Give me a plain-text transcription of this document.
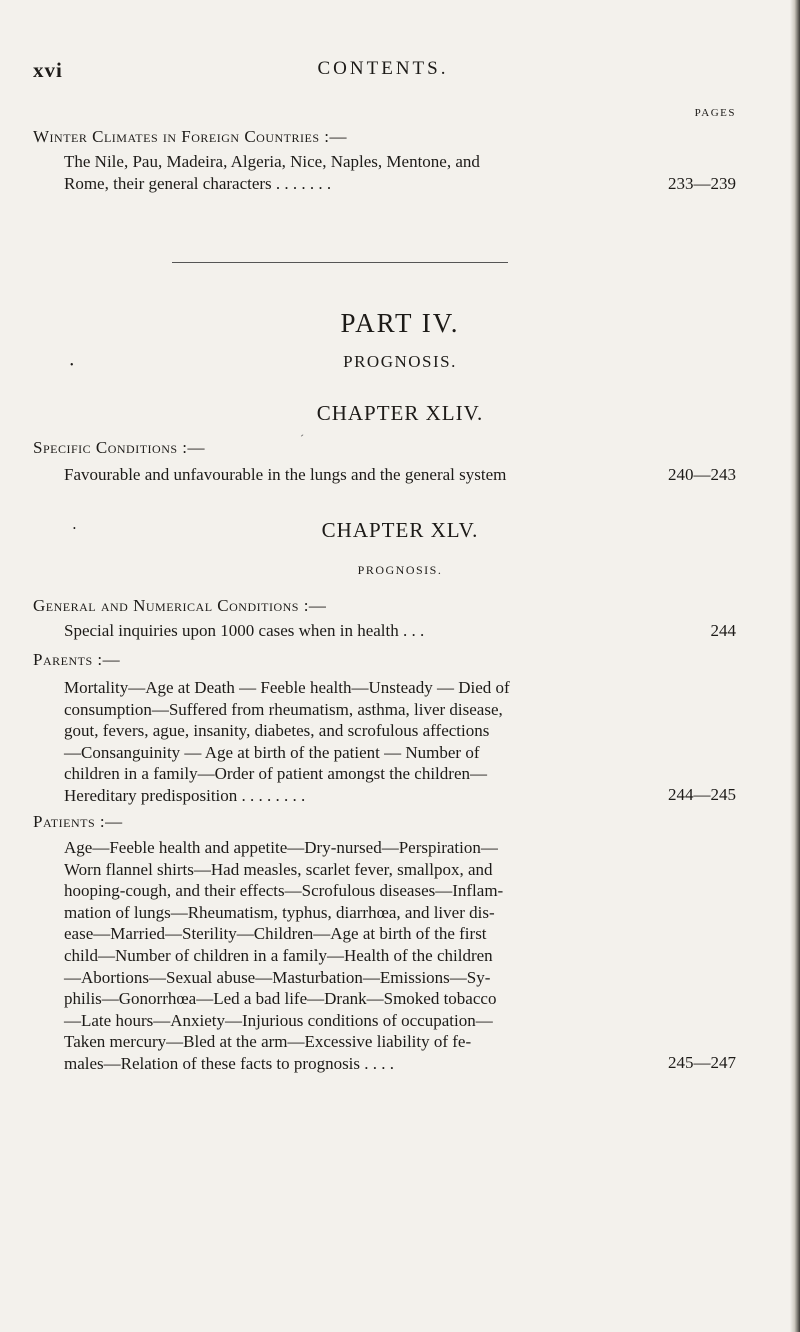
xvi	CONTENTS.
PAGES
Winter Climates in Foreign Countries :—
The Nile, Pau, Madeira, Algeria, Nice, Naples, Mentone, and
Rome, their general characters . . . . . . .	233—239
PART IV.
•	PROGNOSIS.
CHAPTER XLIV.
´
Specific Conditions :—
Favourable and unfavourable in the lungs and the general system	240—243
•	CHAPTER XLV.
PROGNOSIS.
General and Numerical Conditions :—
Special inquiries upon 1000 cases when in health . . .	244
Parents :—
Mortality—Age at Death — Feeble health—Unsteady — Died of
consumption—Suffered from rheumatism, asthma, liver disease,
gout, fevers, ague, insanity, diabetes, and scrofulous affections
—Consanguinity — Age at birth of the patient — Number of
children in a family—Order of patient amongst the children—
Hereditary predisposition . . . . . . . .	244—245
Patients :—
Age—Feeble health and appetite—Dry-nursed—Perspiration—
Worn flannel shirts—Had measles, scarlet fever, smallpox, and
hooping-cough, and their effects—Scrofulous diseases—Inflam-
mation of lungs—Rheumatism, typhus, diarrhœa, and liver dis-
ease—Married—Sterility—Children—Age at birth of the first
child—Number of children in a family—Health of the children
—Abortions—Sexual abuse—Masturbation—Emissions—Sy-
philis—Gonorrhœa—Led a bad life—Drank—Smoked tobacco
—Late hours—Anxiety—Injurious conditions of occupation—
Taken mercury—Bled at the arm—Excessive liability of fe-
males—Relation of these facts to prognosis . . . .	245—247
